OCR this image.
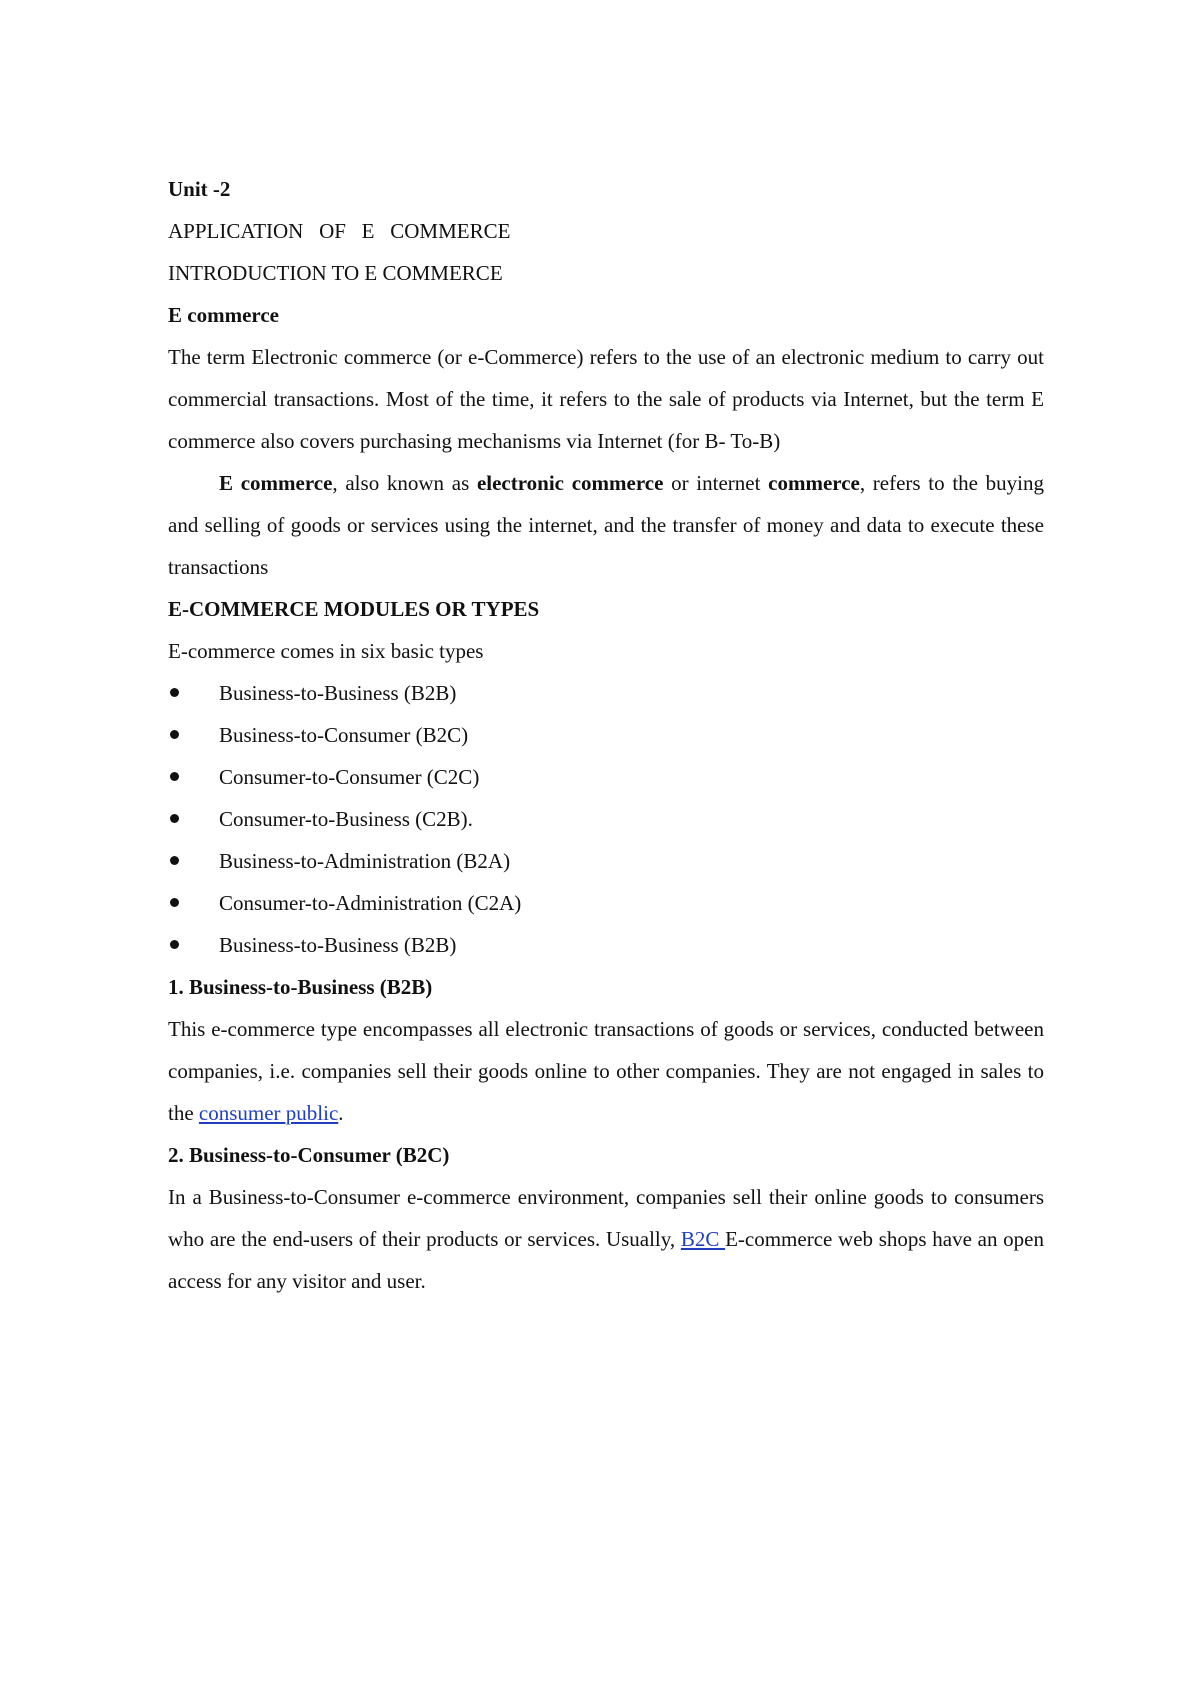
Unit -2

APPLICATION   OF   E   COMMERCE

INTRODUCTION TO E COMMERCE

E commerce

The term Electronic commerce (or e-Commerce) refers to the use of an electronic medium to carry out commercial transactions. Most of the time, it refers to the sale of products via Internet, but the term E commerce also covers purchasing mechanisms via Internet (for B- To-B)

E commerce, also known as electronic commerce or internet commerce, refers to the buying and selling of goods or services using the internet, and the transfer of money and data to execute these transactions

E-COMMERCE MODULES OR TYPES

E-commerce comes in six basic types

Business-to-Business (B2B)
Business-to-Consumer (B2C)
Consumer-to-Consumer (C2C)
Consumer-to-Business (C2B).
Business-to-Administration (B2A)
Consumer-to-Administration (C2A)
Business-to-Business (B2B)

1. Business-to-Business (B2B)

This e-commerce type encompasses all electronic transactions of goods or services, conducted between companies, i.e. companies sell their goods online to other companies. They are not engaged in sales to the consumer public.

2. Business-to-Consumer (B2C)

In a Business-to-Consumer e-commerce environment, companies sell their online goods to consumers who are the end-users of their products or services. Usually, B2C E-commerce web shops have an open access for any visitor and user.
